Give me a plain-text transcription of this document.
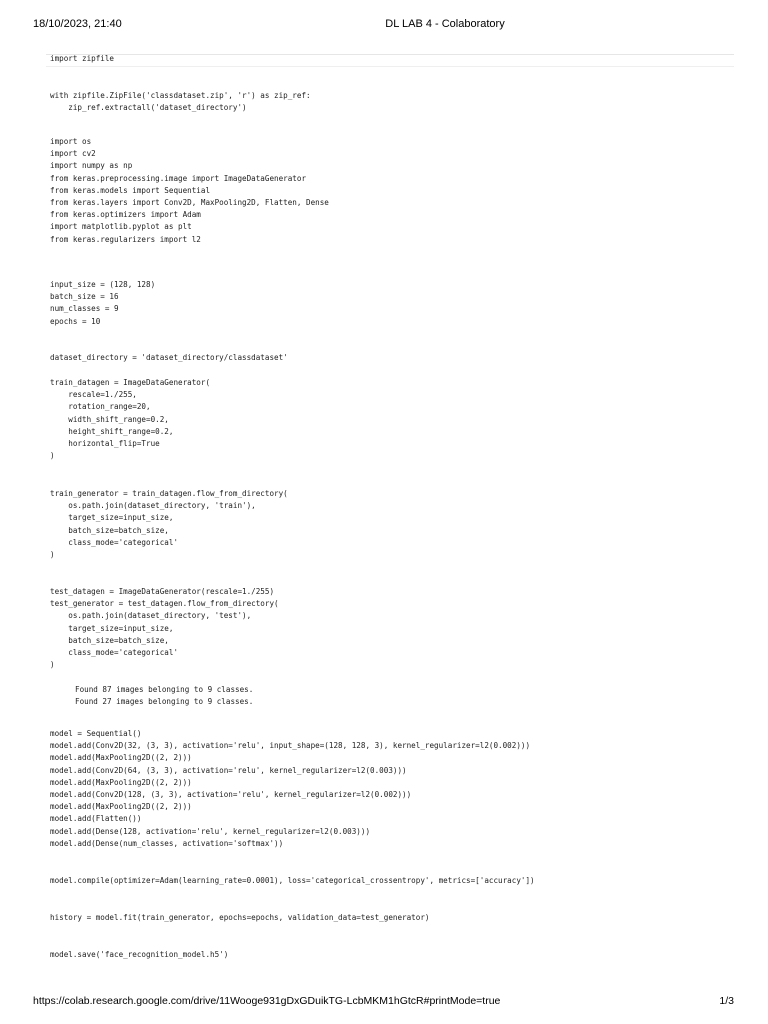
18/10/2023, 21:40	DL LAB 4 - Colaboratory
import zipfile
with zipfile.ZipFile('classdataset.zip', 'r') as zip_ref:
zip_ref.extractall('dataset_directory')
import os
import cv2
import numpy as np
from keras.preprocessing.image import ImageDataGenerator
from keras.models import Sequential
from keras.layers import Conv2D, MaxPooling2D, Flatten, Dense
from keras.optimizers import Adam
import matplotlib.pyplot as plt
from keras.regularizers import l2
input_size = (128, 128)
batch_size = 16
num_classes = 9
epochs = 10
dataset_directory = 'dataset_directory/classdataset'
train_datagen = ImageDataGenerator(
rescale=1./255,
rotation_range=20,
width_shift_range=0.2,
height_shift_range=0.2,
horizontal_flip=True
)
train_generator = train_datagen.flow_from_directory(
os.path.join(dataset_directory, 'train'),
target_size=input_size,
batch_size=batch_size,
class_mode='categorical'
)
test_datagen = ImageDataGenerator(rescale=1./255)
test_generator = test_datagen.flow_from_directory(
os.path.join(dataset_directory, 'test'),
target_size=input_size,
batch_size=batch_size,
class_mode='categorical'
)
Found 87 images belonging to 9 classes.
Found 27 images belonging to 9 classes.
model = Sequential()
model.add(Conv2D(32, (3, 3), activation='relu', input_shape=(128, 128, 3), kernel_regularizer=l2(0.002)))
model.add(MaxPooling2D((2, 2)))
model.add(Conv2D(64, (3, 3), activation='relu', kernel_regularizer=l2(0.003)))
model.add(MaxPooling2D((2, 2)))
model.add(Conv2D(128, (3, 3), activation='relu', kernel_regularizer=l2(0.002)))
model.add(MaxPooling2D((2, 2)))
model.add(Flatten())
model.add(Dense(128, activation='relu', kernel_regularizer=l2(0.003)))
model.add(Dense(num_classes, activation='softmax'))
model.compile(optimizer=Adam(learning_rate=0.0001), loss='categorical_crossentropy', metrics=['accuracy'])
history = model.fit(train_generator, epochs=epochs, validation_data=test_generator)
model.save('face_recognition_model.h5')
https://colab.research.google.com/drive/11Wooge931gDxGDuikTG-LcbMKM1hGtcR#printMode=true	1/3
